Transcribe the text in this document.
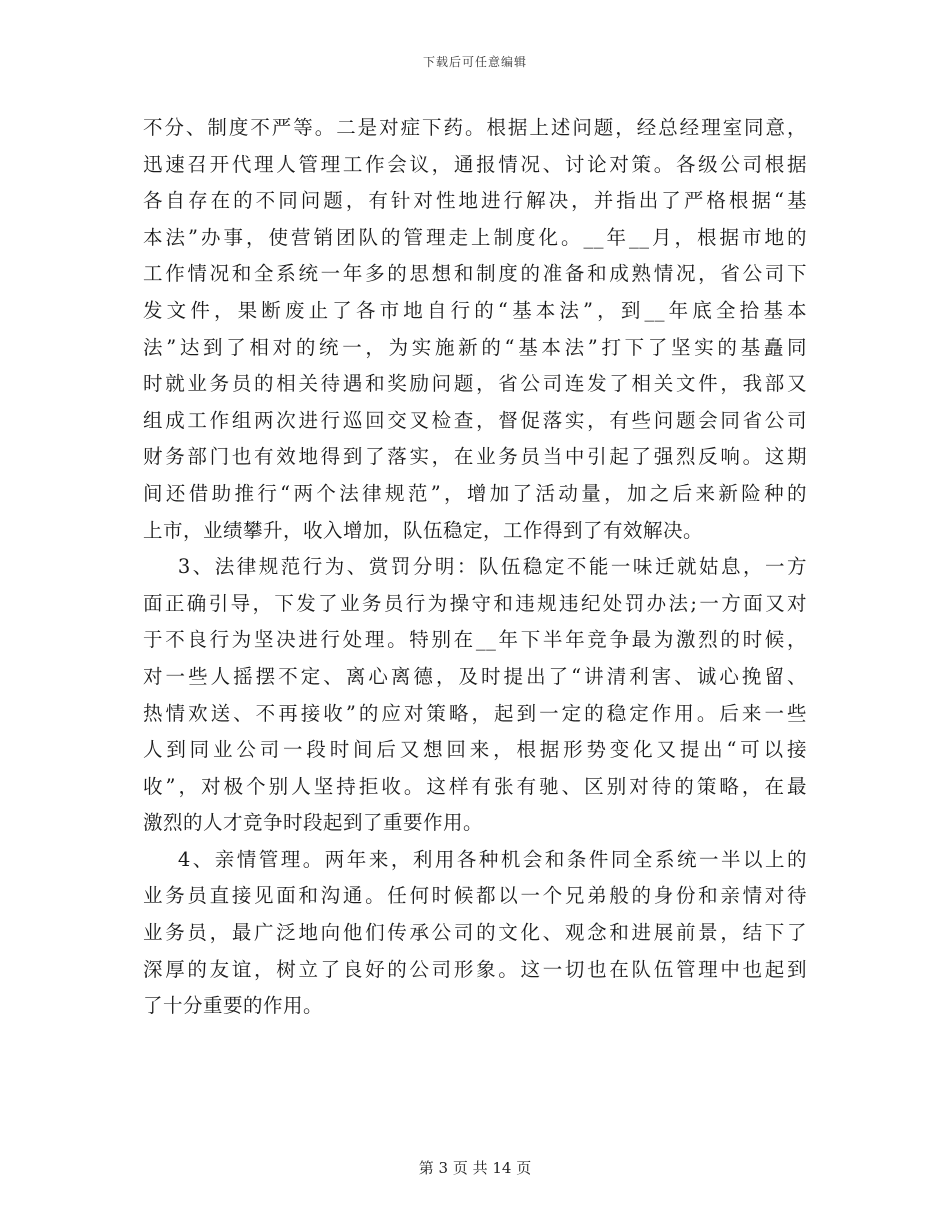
下载后可任意编辑
不分、制度不严等。二是对症下药。根据上述问题，经总经理室同意，
迅速召开代理人管理工作会议，通报情况、讨论对策。各级公司根据
各自存在的不同问题，有针对性地进行解决，并指出了严格根据“基
本法”办事，使营销团队的管理走上制度化。__年__月，根据市地的
工作情况和全系统一年多的思想和制度的准备和成熟情况，省公司下
发文件，果断废止了各市地自行的“基本法”，到__年底全拾基本
法”达到了相对的统一，为实施新的“基本法”打下了坚实的基矗同
时就业务员的相关待遇和奖励问题，省公司连发了相关文件，我部又
组成工作组两次进行巡回交叉检查，督促落实，有些问题会同省公司
财务部门也有效地得到了落实，在业务员当中引起了强烈反响。这期
间还借助推行“两个法律规范”，增加了活动量，加之后来新险种的
上市，业绩攀升，收入增加，队伍稳定，工作得到了有效解决。
3、法律规范行为、赏罚分明：队伍稳定不能一味迁就姑息，一方
面正确引导，下发了业务员行为操守和违规违纪处罚办法;一方面又对
于不良行为坚决进行处理。特别在__年下半年竞争最为激烈的时候，
对一些人摇摆不定、离心离德，及时提出了“讲清利害、诚心挽留、
热情欢送、不再接收”的应对策略，起到一定的稳定作用。后来一些
人到同业公司一段时间后又想回来，根据形势变化又提出“可以接
收”，对极个别人坚持拒收。这样有张有驰、区别对待的策略，在最
激烈的人才竞争时段起到了重要作用。
4、亲情管理。两年来，利用各种机会和条件同全系统一半以上的
业务员直接见面和沟通。任何时候都以一个兄弟般的身份和亲情对待
业务员，最广泛地向他们传承公司的文化、观念和进展前景，结下了
深厚的友谊，树立了良好的公司形象。这一切也在队伍管理中也起到
了十分重要的作用。
第 3 页 共 14 页
